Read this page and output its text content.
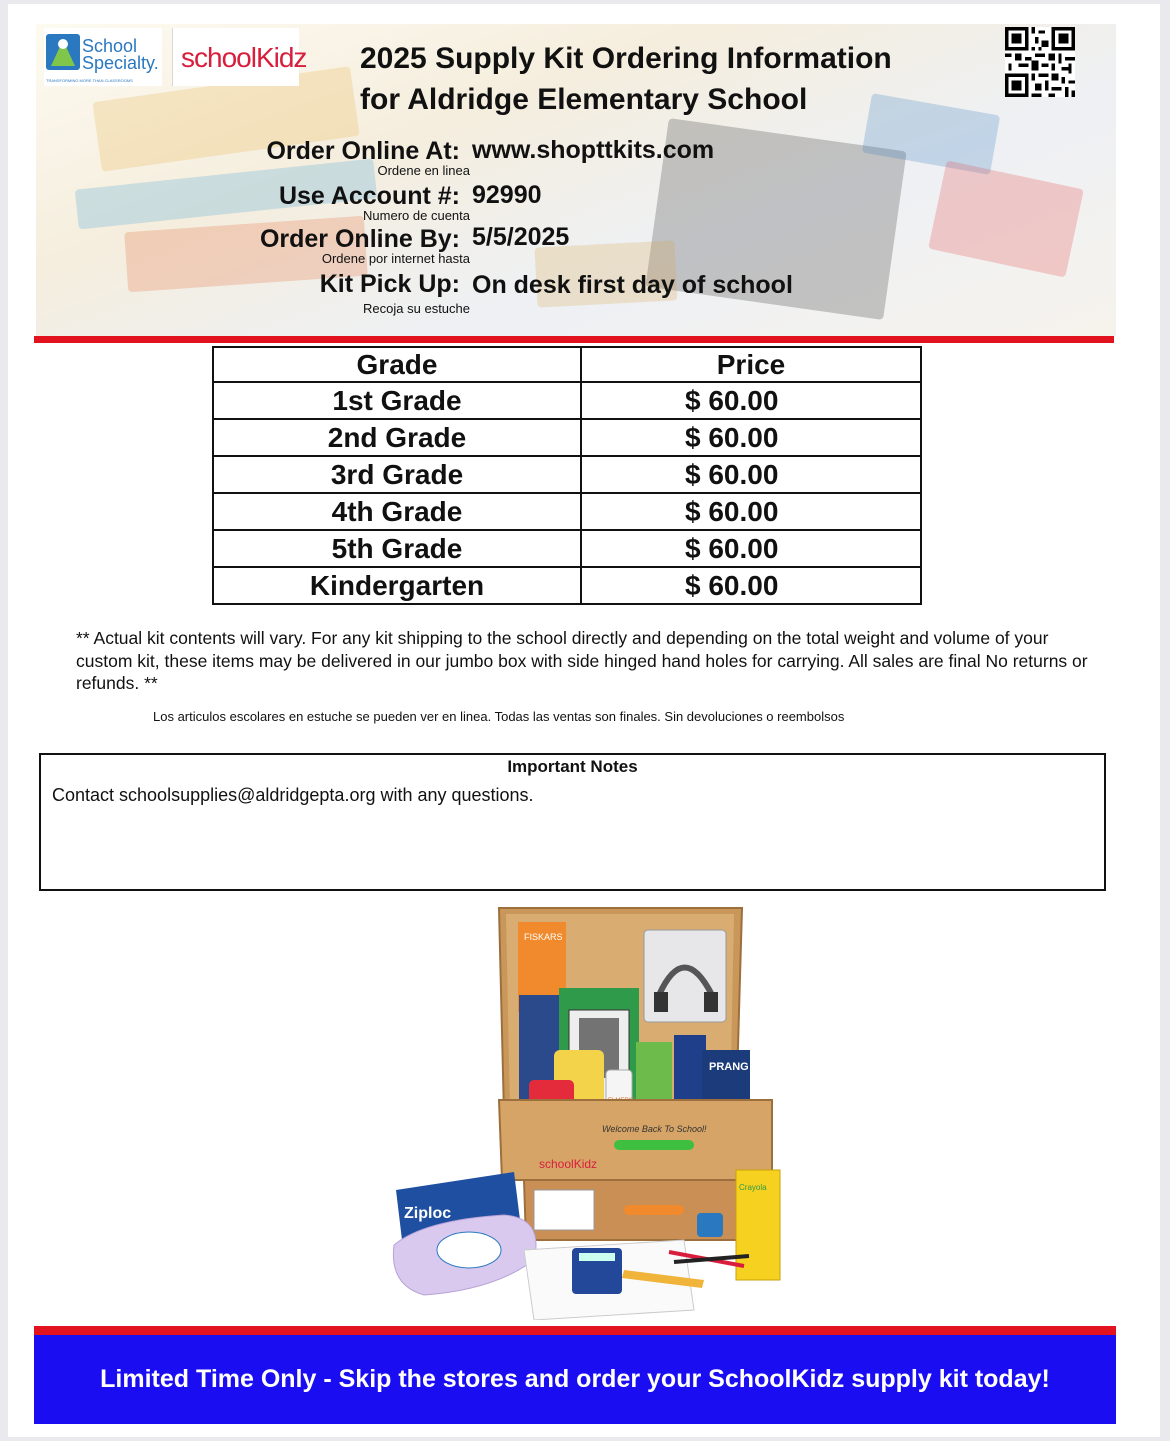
School Specialty.
TRANSFORMING MORE THAN CLASSROOMS
schoolKidz 2025 Supply Kit Ordering Information
for Aldridge Elementary School
Order Online At:
Ordene en linea
www.shopttkits.com
Use Account #:
Numero de cuenta
92990
Order Online By:
Ordene por internet hasta
5/5/2025
Kit Pick Up:
Recoja su estuche
On desk first day of school
Grade	Price
1st Grade	$ 60.00
2nd Grade	$ 60.00
3rd Grade	$ 60.00
4th Grade	$ 60.00
5th Grade	$ 60.00
Kindergarten	$ 60.00
** Actual kit contents will vary. For any kit shipping to the school directly and depending on the total weight and volume of your custom kit, these items may be delivered in our jumbo box with side hinged hand holes for carrying. All sales are final No returns or refunds. **
Los articulos escolares en estuche se pueden ver en linea. Todas las ventas son finales. Sin devoluciones o reembolsos
Important Notes
Contact schoolsupplies@aldridgepta.org with any questions.
FISKARS
PRANG
Welcome Back To School!
schoolKidz
Crayola
Ziploc
Limited Time Only - Skip the stores and order your SchoolKidz supply kit today!
